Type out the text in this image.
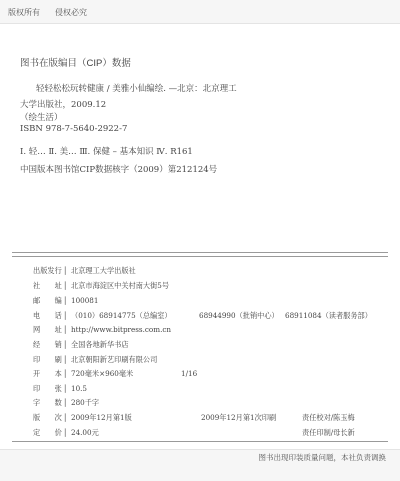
版权所有 侵权必究
图书在版编目（CIP）数据
轻轻松松玩转健康 / 美雅小仙编绘. —北京：北京理工
大学出版社，2009.12
（绘生活）
ISBN 978-7-5640-2922-7
Ⅰ. 轻… Ⅱ. 美… Ⅲ. 保健 – 基本知识 Ⅳ. R161
中国版本图书馆CIP数据核字（2009）第212124号
出版发行 │ 北京理工大学出版社
社　　址 │ 北京市海淀区中关村南大街5号
邮　　编 │ 100081
电　　话 │ （010）68914775（总编室）	68944990（批销中心） 68911084（读者服务部）
网　　址 │ http://www.bitpress.com.cn
经　　销 │ 全国各地新华书店
印　　刷 │ 北京朝阳新艺印刷有限公司
开　　本 │ 720毫米×960毫米	1/16
印　　张 │ 10.5
字　　数 │ 280千字
版　　次 │ 2009年12月第1版	2009年12月第1次印刷	责任校对/陈玉梅
定　　价 │ 24.00元	责任印制/母长新
图书出现印装质量问题，本社负责调换
